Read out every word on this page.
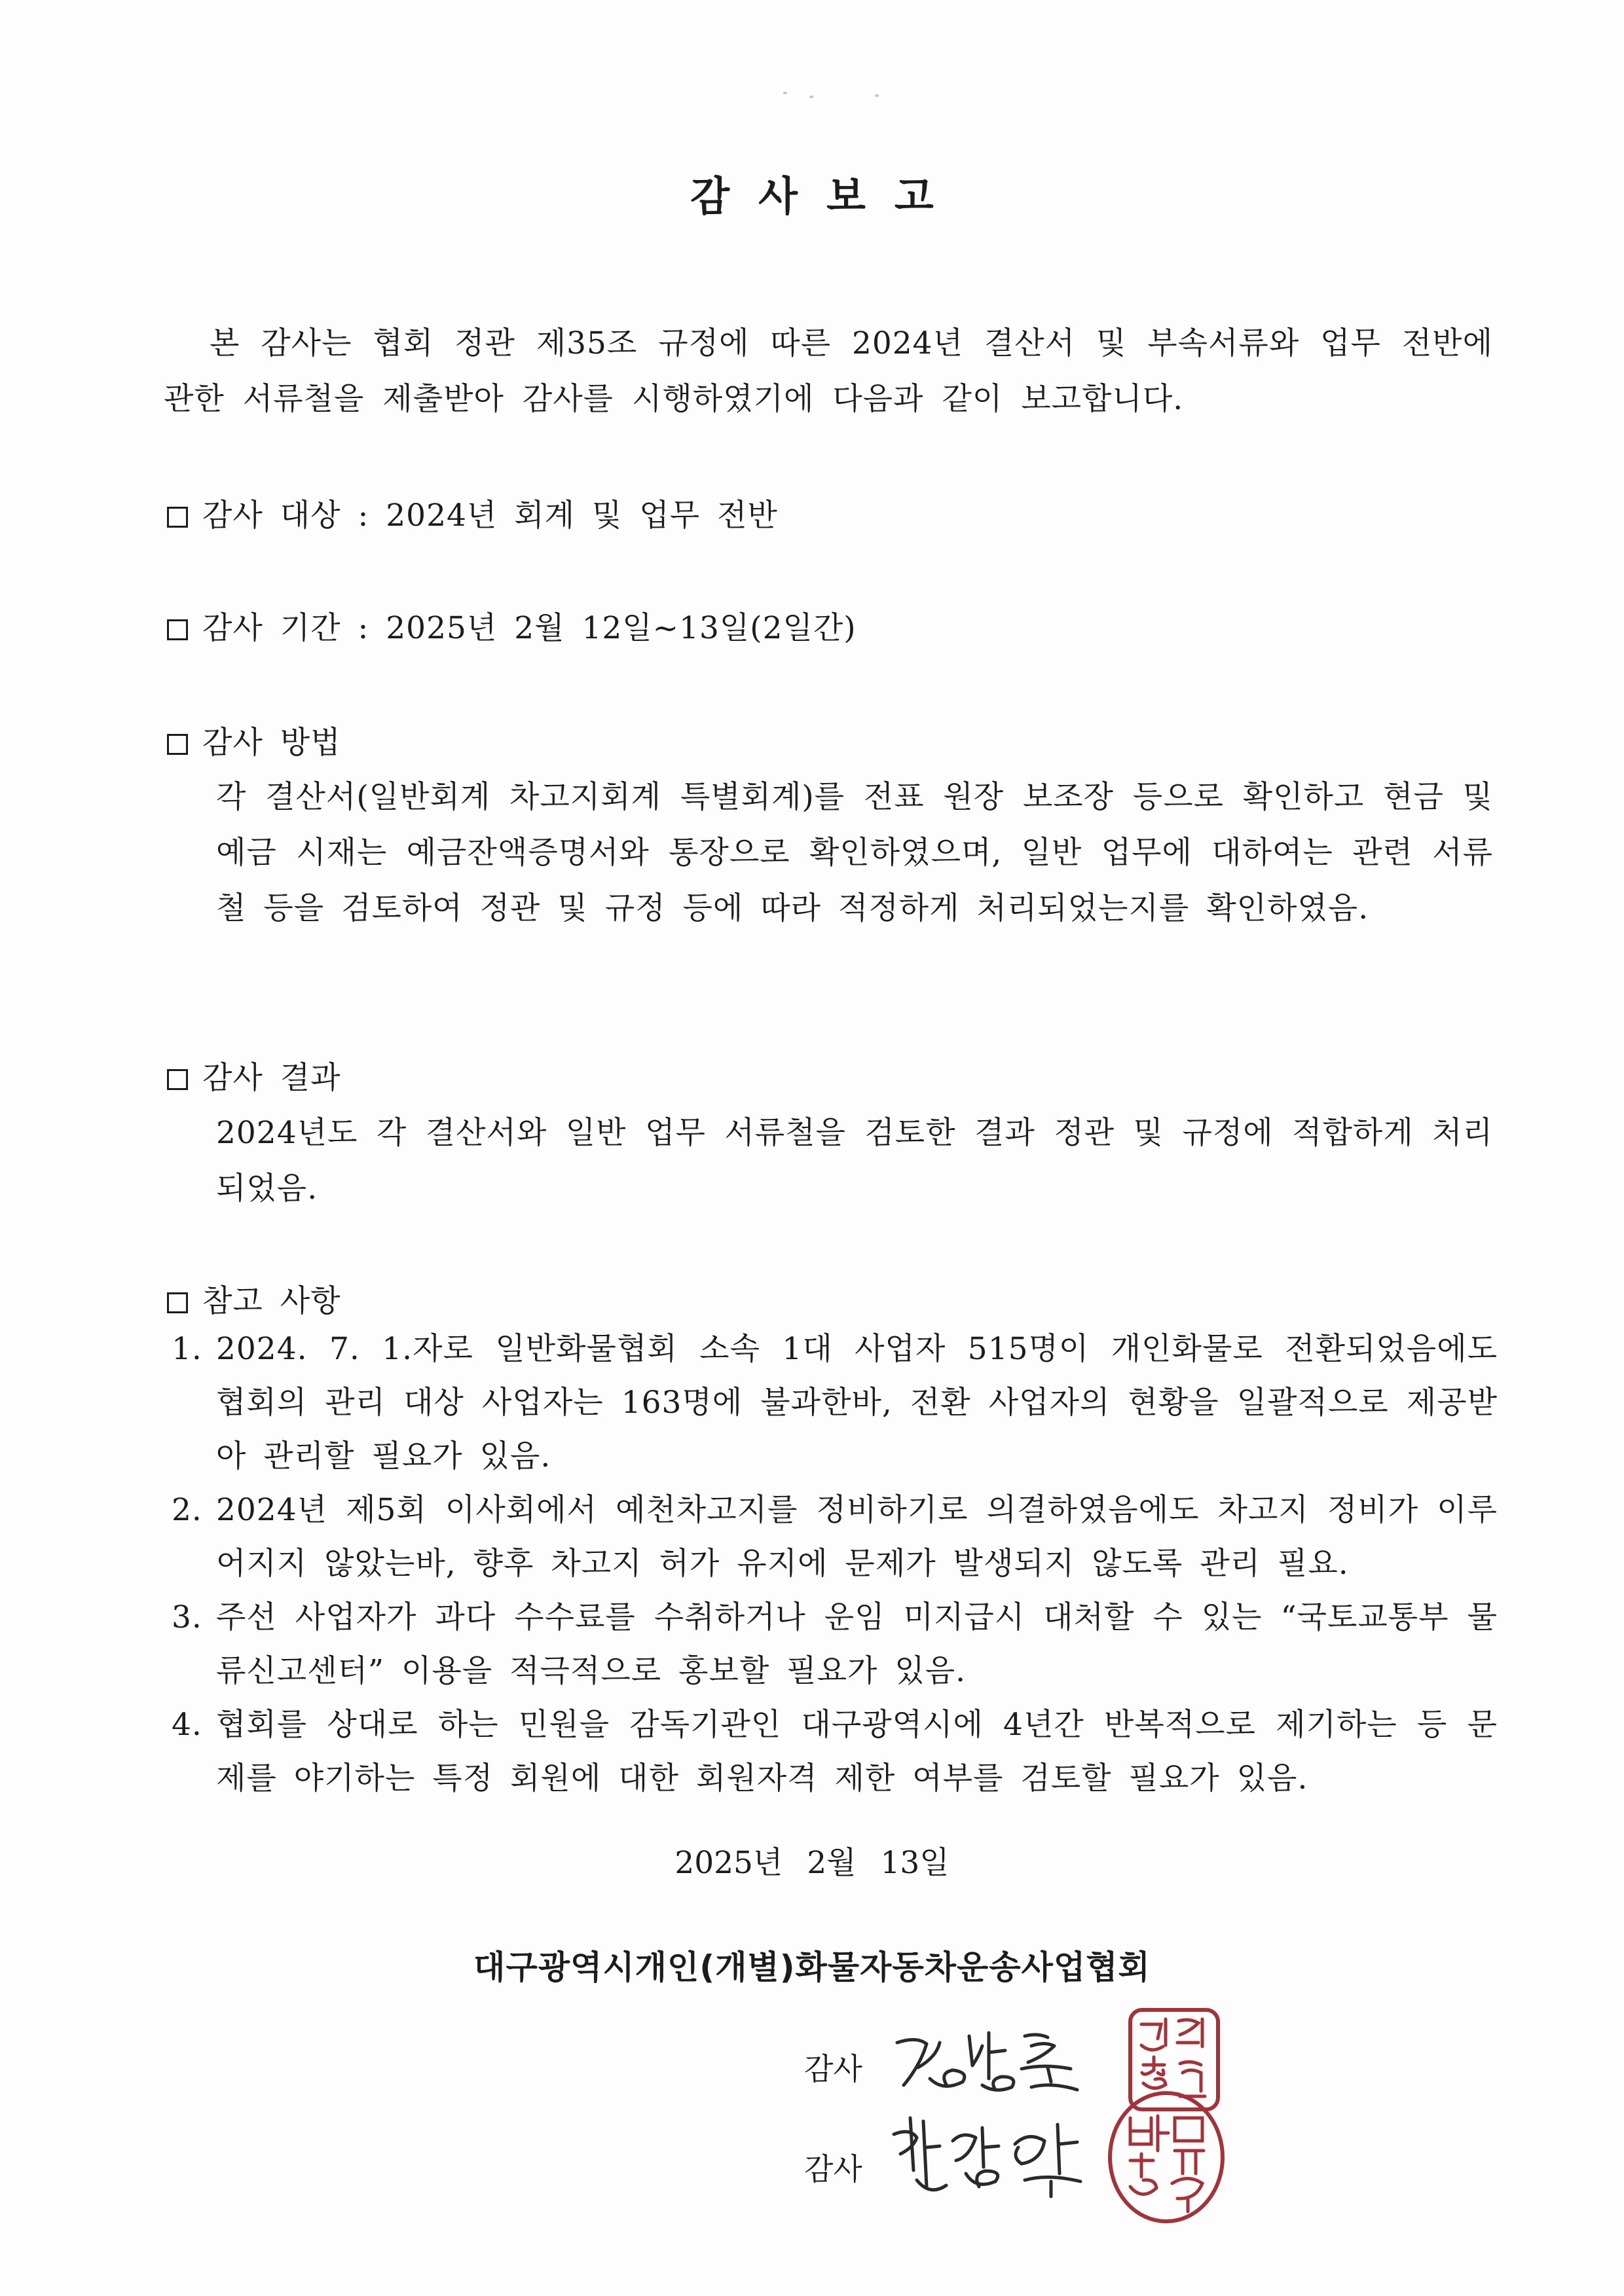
감사보고
본 감사는 협회 정관 제35조 규정에 따른 2024년 결산서 및 부속서류와 업무 전반에 관한 서류철을 제출받아 감사를 시행하였기에 다음과 같이 보고합니다.
감사 대상 : 2024년 회계 및 업무 전반
감사 기간 : 2025년 2월 12일~13일(2일간)
감사 방법
각 결산서(일반회계 차고지회계 특별회계)를 전표 원장 보조장 등으로 확인하고 현금 및 예금 시재는 예금잔액증명서와 통장으로 확인하였으며, 일반 업무에 대하여는 관련 서류철 등을 검토하여 정관 및 규정 등에 따라 적정하게 처리되었는지를 확인하였음.
감사 결과
2024년도 각 결산서와 일반 업무 서류철을 검토한 결과 정관 및 규정에 적합하게 처리되었음.
참고 사항
1. 2024. 7. 1.자로 일반화물협회 소속 1대 사업자 515명이 개인화물로 전환되었음에도 협회의 관리 대상 사업자는 163명에 불과한바, 전환 사업자의 현황을 일괄적으로 제공받아 관리할 필요가 있음.
2. 2024년 제5회 이사회에서 예천차고지를 정비하기로 의결하였음에도 차고지 정비가 이루어지지 않았는바, 향후 차고지 허가 유지에 문제가 발생되지 않도록 관리 필요.
3. 주선 사업자가 과다 수수료를 수취하거나 운임 미지급시 대처할 수 있는 “국토교통부 물류신고센터” 이용을 적극적으로 홍보할 필요가 있음.
4. 협회를 상대로 하는 민원을 감독기관인 대구광역시에 4년간 반복적으로 제기하는 등 문제를 야기하는 특정 회원에 대한 회원자격 제한 여부를 검토할 필요가 있음.
2025년 2월 13일
대구광역시개인(개별)화물자동차운송사업협회
감사
감사
